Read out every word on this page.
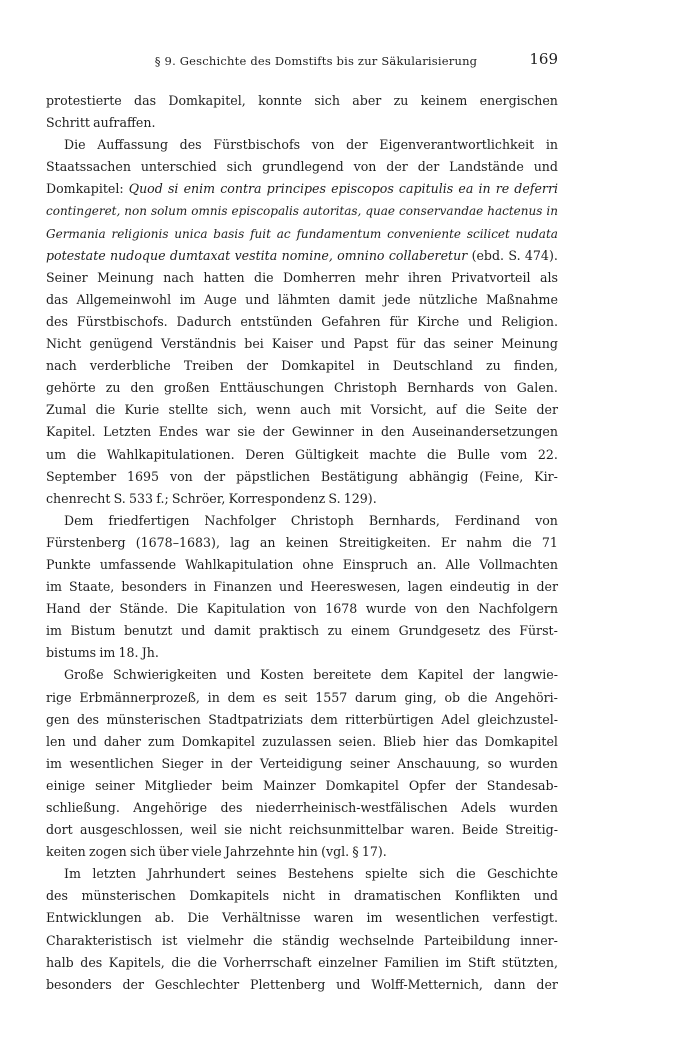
§ 9. Geschichte des Domstifts bis zur Säkularisierung	169
protestierte das Domkapitel, konnte sich aber zu keinem energischen
Schritt aufraffen.
Die Auffassung des Fürstbischofs von der Eigenverantwortlichkeit in
Staatssachen unterschied sich grundlegend von der der Landstände und
Domkapitel: Quod si enim contra principes episcopos capitulis ea in re deferri
contingeret, non solum omnis episcopalis autoritas, quae conservandae hactenus in
Germania religionis unica basis fuit ac fundamentum conveniente scilicet nudata
potestate nudoque dumtaxat vestita nomine, omnino collaberetur (ebd. S. 474).
Seiner Meinung nach hatten die Domherren mehr ihren Privatvorteil als
das Allgemeinwohl im Auge und lähmten damit jede nützliche Maßnahme
des Fürstbischofs. Dadurch entstünden Gefahren für Kirche und Religion.
Nicht genügend Verständnis bei Kaiser und Papst für das seiner Meinung
nach verderbliche Treiben der Domkapitel in Deutschland zu finden,
gehörte zu den großen Enttäuschungen Christoph Bernhards von Galen.
Zumal die Kurie stellte sich, wenn auch mit Vorsicht, auf die Seite der
Kapitel. Letzten Endes war sie der Gewinner in den Auseinandersetzungen
um die Wahlkapitulationen. Deren Gültigkeit machte die Bulle vom 22.
September 1695 von der päpstlichen Bestätigung abhängig (Feine, Kir-
chenrecht S. 533 f.; Schröer, Korrespondenz S. 129).
Dem friedfertigen Nachfolger Christoph Bernhards, Ferdinand von
Fürstenberg (1678–1683), lag an keinen Streitigkeiten. Er nahm die 71
Punkte umfassende Wahlkapitulation ohne Einspruch an. Alle Vollmachten
im Staate, besonders in Finanzen und Heereswesen, lagen eindeutig in der
Hand der Stände. Die Kapitulation von 1678 wurde von den Nachfolgern
im Bistum benutzt und damit praktisch zu einem Grundgesetz des Fürst-
bistums im 18. Jh.
Große Schwierigkeiten und Kosten bereitete dem Kapitel der langwie-
rige Erbmännerprozeß, in dem es seit 1557 darum ging, ob die Angehöri-
gen des münsterischen Stadtpatriziats dem ritterbürtigen Adel gleichzustel-
len und daher zum Domkapitel zuzulassen seien. Blieb hier das Domkapitel
im wesentlichen Sieger in der Verteidigung seiner Anschauung, so wurden
einige seiner Mitglieder beim Mainzer Domkapitel Opfer der Standesab-
schließung. Angehörige des niederrheinisch-westfälischen Adels wurden
dort ausgeschlossen, weil sie nicht reichsunmittelbar waren. Beide Streitig-
keiten zogen sich über viele Jahrzehnte hin (vgl. § 17).
Im letzten Jahrhundert seines Bestehens spielte sich die Geschichte
des münsterischen Domkapitels nicht in dramatischen Konflikten und
Entwicklungen ab. Die Verhältnisse waren im wesentlichen verfestigt.
Charakteristisch ist vielmehr die ständig wechselnde Parteibildung inner-
halb des Kapitels, die die Vorherrschaft einzelner Familien im Stift stützten,
besonders der Geschlechter Plettenberg und Wolff-Metternich, dann der
